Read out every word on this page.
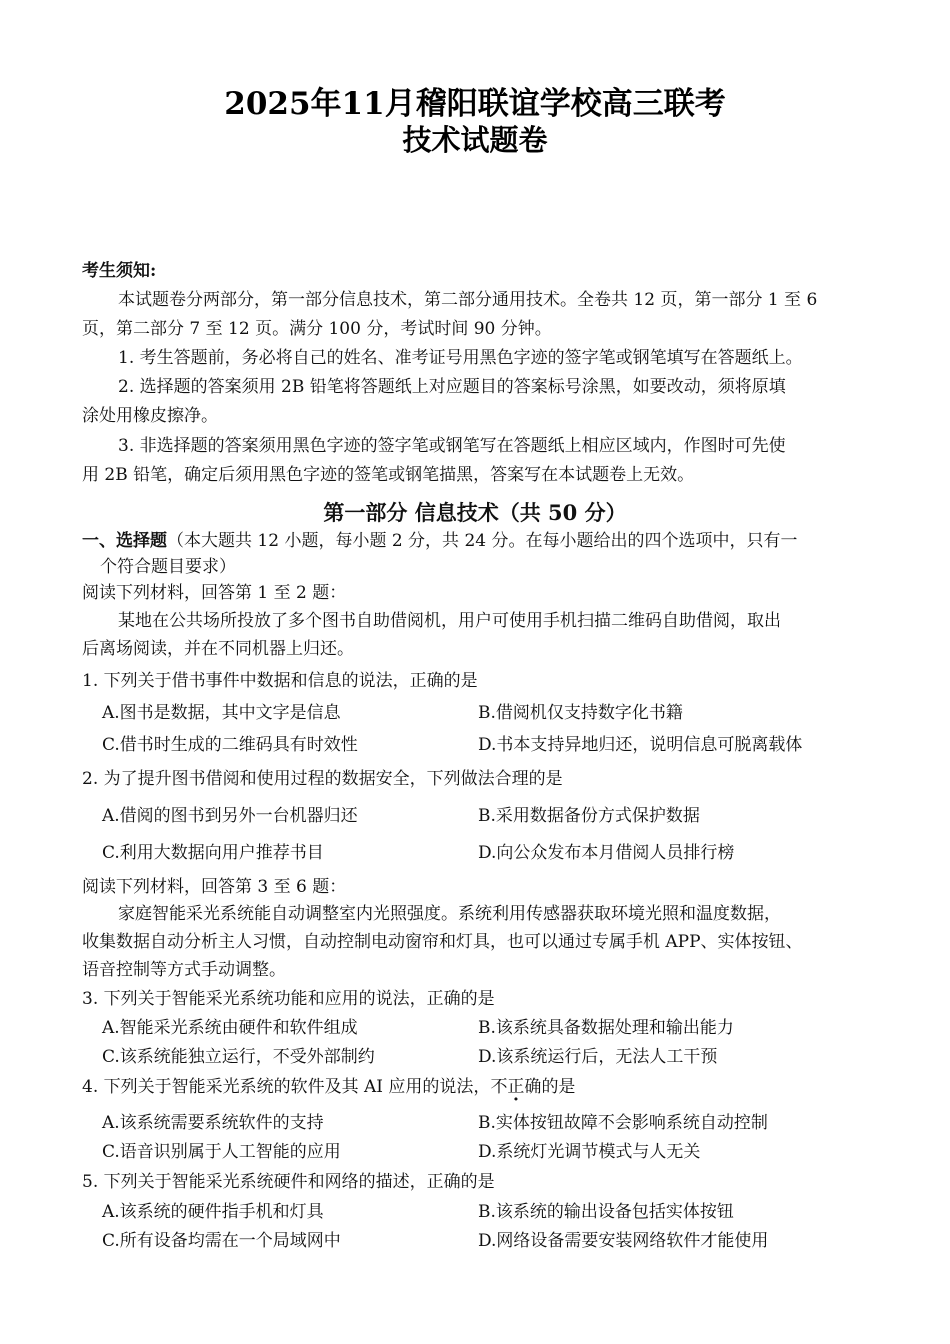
2025年11月稽阳联谊学校高三联考
技术试题卷
考生须知:
本试题卷分两部分，第一部分信息技术，第二部分通用技术。全卷共 12 页，第一部分 1 至 6
页，第二部分 7 至 12 页。满分 100 分，考试时间 90 分钟。
1. 考生答题前，务必将自己的姓名、准考证号用黑色字迹的签字笔或钢笔填写在答题纸上。
2. 选择题的答案须用 2B 铅笔将答题纸上对应题目的答案标号涂黑，如要改动，须将原填
涂处用橡皮擦净。
3. 非选择题的答案须用黑色字迹的签字笔或钢笔写在答题纸上相应区域内，作图时可先使
用 2B 铅笔，确定后须用黑色字迹的签笔或钢笔描黑，答案写在本试题卷上无效。
第一部分 信息技术（共 50 分）
一、选择题（本大题共 12 小题，每小题 2 分，共 24 分。在每小题给出的四个选项中，只有一
个符合题目要求）
阅读下列材料，回答第 1 至 2 题：
某地在公共场所投放了多个图书自助借阅机，用户可使用手机扫描二维码自助借阅，取出
后离场阅读，并在不同机器上归还。
1. 下列关于借书事件中数据和信息的说法，正确的是
A.图书是数据，其中文字是信息	B.借阅机仅支持数字化书籍
C.借书时生成的二维码具有时效性	D.书本支持异地归还，说明信息可脱离载体
2. 为了提升图书借阅和使用过程的数据安全，下列做法合理的是
A.借阅的图书到另外一台机器归还	B.采用数据备份方式保护数据
C.利用大数据向用户推荐书目	D.向公众发布本月借阅人员排行榜
阅读下列材料，回答第 3 至 6 题：
家庭智能采光系统能自动调整室内光照强度。系统利用传感器获取环境光照和温度数据，
收集数据自动分析主人习惯，自动控制电动窗帘和灯具，也可以通过专属手机 APP、实体按钮、
语音控制等方式手动调整。
3. 下列关于智能采光系统功能和应用的说法，正确的是
A.智能采光系统由硬件和软件组成	B.该系统具备数据处理和输出能力
C.该系统能独立运行，不受外部制约	D.该系统运行后，无法人工干预
4. 下列关于智能采光系统的软件及其 AI 应用的说法，不正确的是
A.该系统需要系统软件的支持	B.实体按钮故障不会影响系统自动控制
C.语音识别属于人工智能的应用	D.系统灯光调节模式与人无关
5. 下列关于智能采光系统硬件和网络的描述，正确的是
A.该系统的硬件指手机和灯具	B.该系统的输出设备包括实体按钮
C.所有设备均需在一个局域网中	D.网络设备需要安装网络软件才能使用
